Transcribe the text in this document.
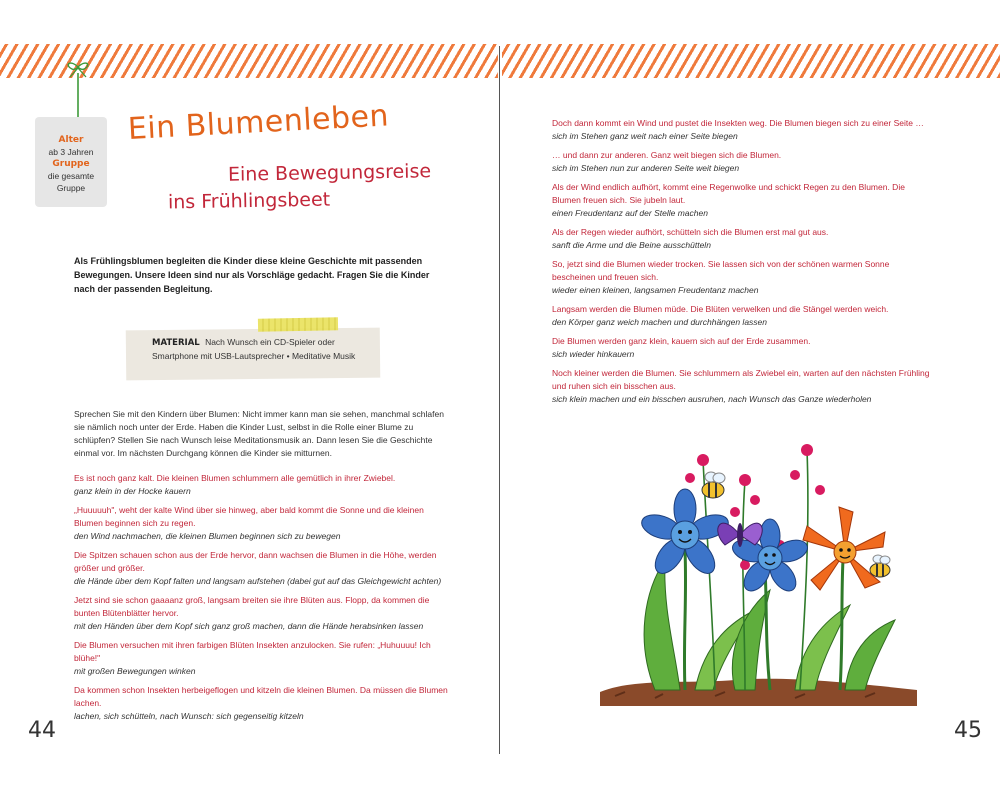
Alter
ab 3 Jahren
Gruppe
die gesamte
Gruppe
Ein Blumenleben
Eine Bewegungsreise
ins Frühlingsbeet
Als Frühlingsblumen begleiten die Kinder diese kleine Geschichte mit passenden Bewegungen. Unsere Ideen sind nur als Vorschläge gedacht. Fragen Sie die Kinder nach der passenden Begleitung.
MATERIAL Nach Wunsch ein CD-Spieler oder Smartphone mit USB-Lautsprecher • Meditative Musik
Sprechen Sie mit den Kindern über Blumen: Nicht immer kann man sie sehen, manchmal schlafen sie nämlich noch unter der Erde. Haben die Kinder Lust, selbst in die Rolle einer Blume zu schlüpfen? Stellen Sie nach Wunsch leise Meditationsmusik an. Dann lesen Sie die Geschichte einmal vor. Im nächsten Durchgang können die Kinder sie mitturnen.
Es ist noch ganz kalt. Die kleinen Blumen schlummern alle gemütlich in ihrer Zwiebel.
ganz klein in der Hocke kauern
„Huuuuuh", weht der kalte Wind über sie hinweg, aber bald kommt die Sonne und die kleinen Blumen beginnen sich zu regen.
den Wind nachmachen, die kleinen Blumen beginnen sich zu bewegen
Die Spitzen schauen schon aus der Erde hervor, dann wachsen die Blumen in die Höhe, werden größer und größer.
die Hände über dem Kopf falten und langsam aufstehen (dabei gut auf das Gleichgewicht achten)
Jetzt sind sie schon gaaaanz groß, langsam breiten sie ihre Blüten aus. Flopp, da kommen die bunten Blütenblätter hervor.
mit den Händen über dem Kopf sich ganz groß machen, dann die Hände herabsinken lassen
Die Blumen versuchen mit ihren farbigen Blüten Insekten anzulocken. Sie rufen: „Huhuuuu! Ich blühe!"
mit großen Bewegungen winken
Da kommen schon Insekten herbeigeflogen und kitzeln die kleinen Blumen. Da müssen die Blumen lachen.
lachen, sich schütteln, nach Wunsch: sich gegenseitig kitzeln
44
Doch dann kommt ein Wind und pustet die Insekten weg. Die Blumen biegen sich zu einer Seite …
sich im Stehen ganz weit nach einer Seite biegen
… und dann zur anderen. Ganz weit biegen sich die Blumen.
sich im Stehen nun zur anderen Seite weit biegen
Als der Wind endlich aufhört, kommt eine Regenwolke und schickt Regen zu den Blumen. Die Blumen freuen sich. Sie jubeln laut.
einen Freudentanz auf der Stelle machen
Als der Regen wieder aufhört, schütteln sich die Blumen erst mal gut aus.
sanft die Arme und die Beine ausschütteln
So, jetzt sind die Blumen wieder trocken. Sie lassen sich von der schönen warmen Sonne bescheinen und freuen sich.
wieder einen kleinen, langsamen Freudentanz machen
Langsam werden die Blumen müde. Die Blüten verwelken und die Stängel werden weich.
den Körper ganz weich machen und durchhängen lassen
Die Blumen werden ganz klein, kauern sich auf der Erde zusammen.
sich wieder hinkauern
Noch kleiner werden die Blumen. Sie schlummern als Zwiebel ein, warten auf den nächsten Frühling und ruhen sich ein bisschen aus.
sich klein machen und ein bisschen ausruhen, nach Wunsch das Ganze wiederholen
45
